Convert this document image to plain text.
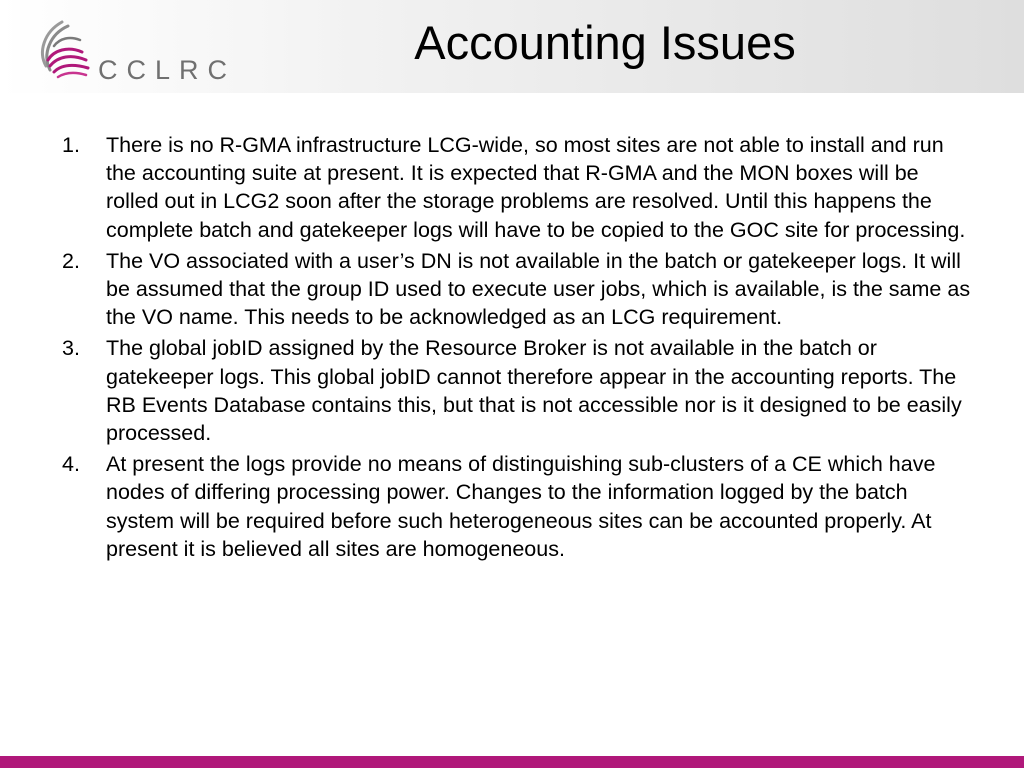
CCLRC
Accounting Issues
1. There is no R-GMA infrastructure LCG-wide, so most sites are not able to install and run the accounting suite at present. It is expected that R-GMA and the MON boxes will be rolled out in LCG2 soon after the storage problems are resolved. Until this happens the complete batch and gatekeeper logs will have to be copied to the GOC site for processing.
2. The VO associated with a user’s DN is not available in the batch or gatekeeper logs. It will be assumed that the group ID used to execute user jobs, which is available, is the same as the VO name. This needs to be acknowledged as an LCG requirement.
3. The global jobID assigned by the Resource Broker is not available in the batch or gatekeeper logs. This global jobID cannot therefore appear in the accounting reports. The RB Events Database contains this, but that is not accessible nor is it designed to be easily processed.
4. At present the logs provide no means of distinguishing sub-clusters of a CE which have nodes of differing processing power. Changes to the information logged by the batch system will be required before such heterogeneous sites can be accounted properly. At present it is believed all sites are homogeneous.
